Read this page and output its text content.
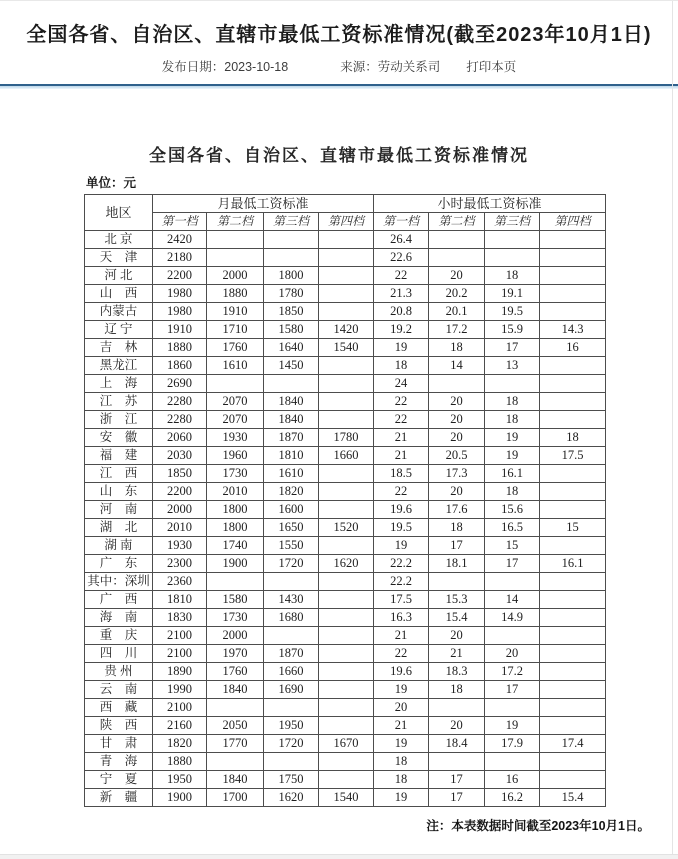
全国各省、自治区、直辖市最低工资标准情况(截至2023年10月1日)
发布日期：2023-10-18	来源：劳动关系司 打印本页
全国各省、自治区、直辖市最低工资标准情况
单位：元
地区	月最低工资标准				小时最低工资标准			
	第一档	第二档	第三档	第四档	第一档	第二档	第三档	第四档
北 京	2420				26.4			
天　津	2180				22.6			
河 北	2200	2000	1800		22	20	18	
山　西	1980	1880	1780		21.3	20.2	19.1	
内蒙古	1980	1910	1850		20.8	20.1	19.5	
辽 宁	1910	1710	1580	1420	19.2	17.2	15.9	14.3
吉　林	1880	1760	1640	1540	19	18	17	16
黑龙江	1860	1610	1450		18	14	13	
上　海	2690				24			
江　苏	2280	2070	1840		22	20	18	
浙　江	2280	2070	1840		22	20	18	
安　徽	2060	1930	1870	1780	21	20	19	18
福　建	2030	1960	1810	1660	21	20.5	19	17.5
江　西	1850	1730	1610		18.5	17.3	16.1	
山　东	2200	2010	1820		22	20	18	
河　南	2000	1800	1600		19.6	17.6	15.6	
湖　北	2010	1800	1650	1520	19.5	18	16.5	15
湖 南	1930	1740	1550		19	17	15	
广　东	2300	1900	1720	1620	22.2	18.1	17	16.1
其中：深圳	2360				22.2			
广　西	1810	1580	1430		17.5	15.3	14	
海　南	1830	1730	1680		16.3	15.4	14.9	
重　庆	2100	2000			21	20		
四　川	2100	1970	1870		22	21	20	
贵 州	1890	1760	1660		19.6	18.3	17.2	
云　南	1990	1840	1690		19	18	17	
西　藏	2100				20			
陕　西	2160	2050	1950		21	20	19	
甘　肃	1820	1770	1720	1670	19	18.4	17.9	17.4
青　海	1880				18			
宁　夏	1950	1840	1750		18	17	16	
新　疆	1900	1700	1620	1540	19	17	16.2	15.4
注：本表数据时间截至2023年10月1日。
